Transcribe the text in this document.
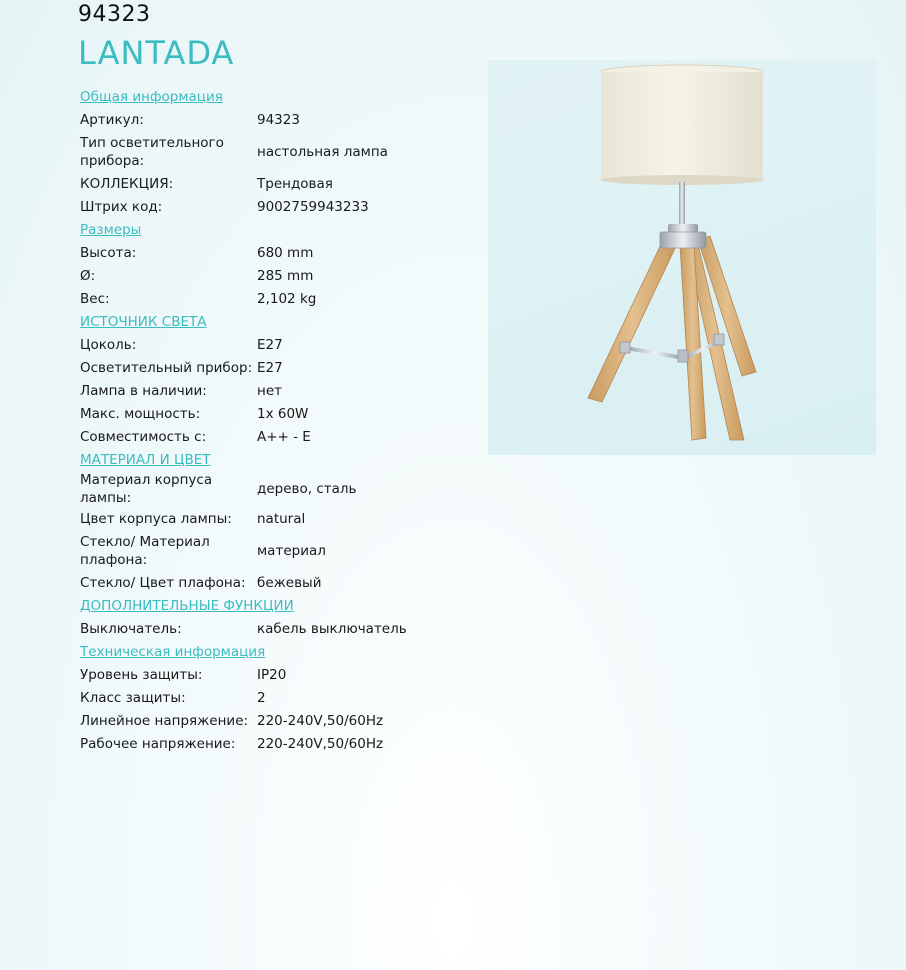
94323
LANTADA
Общая информация	
Артикул:	94323
Тип осветительного прибора:	настольная лампа
КОЛЛЕКЦИЯ:	Трендовая
Штрих код:	9002759943233
Размеры	
Высота:	680 mm
Ø:	285 mm
Вес:	2,102 kg
ИСТОЧНИК СВЕТА	
Цоколь:	E27
Осветительный прибор:	E27
Лампа в наличии:	нет
Макс. мощность:	1x 60W
Совместимость с:	A++ - E
МАТЕРИАЛ И ЦВЕТ	
Материал корпуса лампы:	дерево, сталь
Цвет корпуса лампы:	natural
Стекло/ Материал плафона:	материал
Стекло/ Цвет плафона:	бежевый
ДОПОЛНИТЕЛЬНЫЕ ФУНКЦИИ	
Выключатель:	кабель выключатель
Техническая информация	
Уровень защиты:	IP20
Класс защиты:	2
Линейное напряжение:	220-240V,50/60Hz
Рабочее напряжение:	220-240V,50/60Hz
